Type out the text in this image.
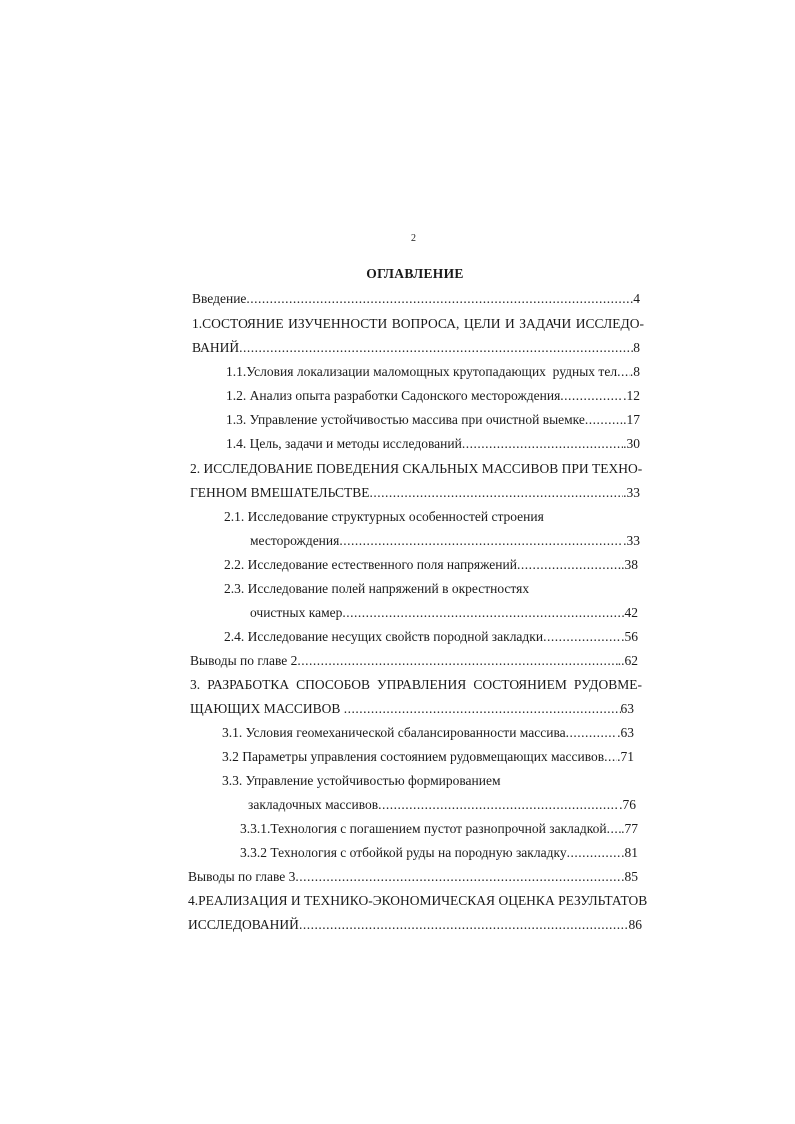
2
ОГЛАВЛЕНИЕ
Введение .....	4
1.СОСТОЯНИЕ ИЗУЧЕННОСТИ ВОПРОСА, ЦЕЛИ И ЗАДАЧИ ИССЛЕДО-
ВАНИЙ .....	8
1.1.Условия локализации маломощных крутопадающих  рудных тел ..... .8
1.2. Анализ опыта разработки Садонского месторождения .....	.12
1.3. Управление устойчивостью массива при очистной выемке .....	..17
1.4. Цель, задачи и методы исследований .....	.30
2. ИССЛЕДОВАНИЕ ПОВЕДЕНИЯ СКАЛЬНЫХ МАССИВОВ ПРИ ТЕХНО-
ГЕННОМ ВМЕШАТЕЛЬСТВЕ .....	.33
2.1. Исследование структурных особенностей строения
месторождения .....	.33
2.2. Исследование естественного поля напряжений .....	.38
2.3. Исследование полей напряжений в окрестностях
очистных камер .....	42
2.4. Исследование несущих свойств породной закладки .....	.56
Выводы по главе 2 .....	..62
3. РАЗРАБОТКА СПОСОБОВ УПРАВЛЕНИЯ СОСТОЯНИЕМ РУДОВМЕ-
ЩАЮЩИХ МАССИВОВ .....	63
3.1. Условия геомеханической сбалансированности массива .....	.63
3.2 Параметры управления состоянием рудовмещающих массивов ..... .71
3.3. Управление устойчивостью формированием
закладочных массивов .....	.76
3.3.1.Технология с погашением пустот разнопрочной закладкой ..... .77
3.3.2 Технология с отбойкой руды на породную закладку .....	.81
Выводы по главе 3 .....	.85
4.РЕАЛИЗАЦИЯ И ТЕХНИКО-ЭКОНОМИЧЕСКАЯ ОЦЕНКА РЕЗУЛЬТАТОВ
ИССЛЕДОВАНИЙ .....	86
